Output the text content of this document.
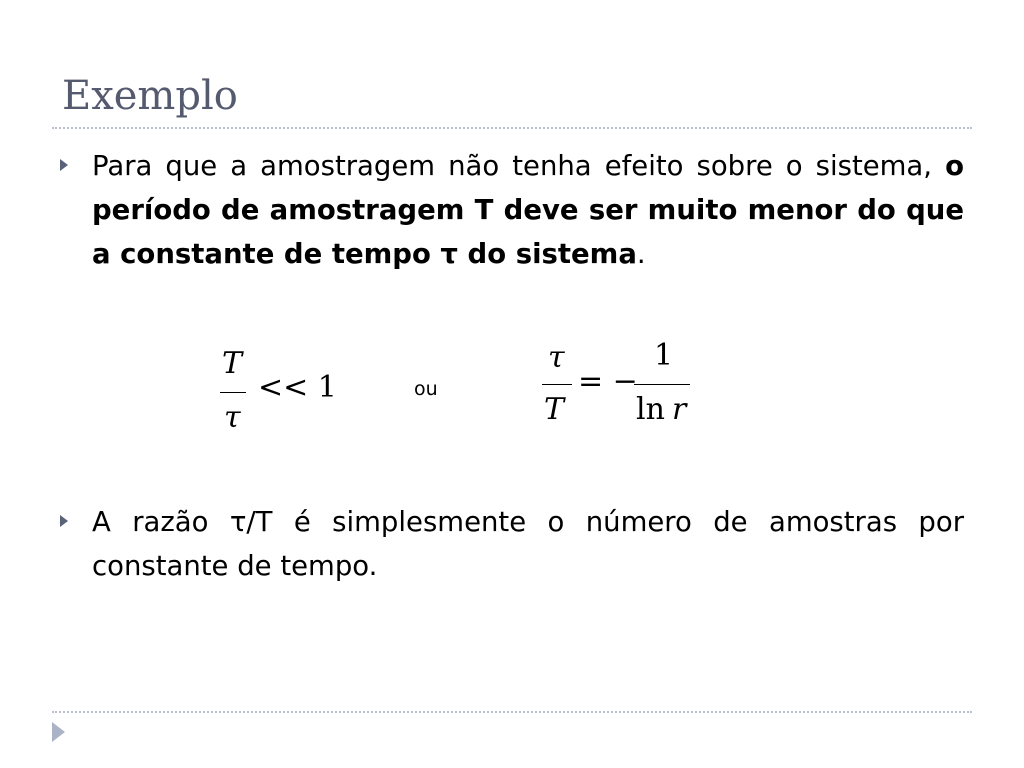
Exemplo

Para que a amostragem não tenha efeito sobre o sistema, o período de amostragem T deve ser muito menor do que a constante de tempo τ do sistema.

T
τ
<< 1	ou
τ
T
= −
1
ln r

A razão τ/T é simplesmente o número de amostras por constante de tempo.
